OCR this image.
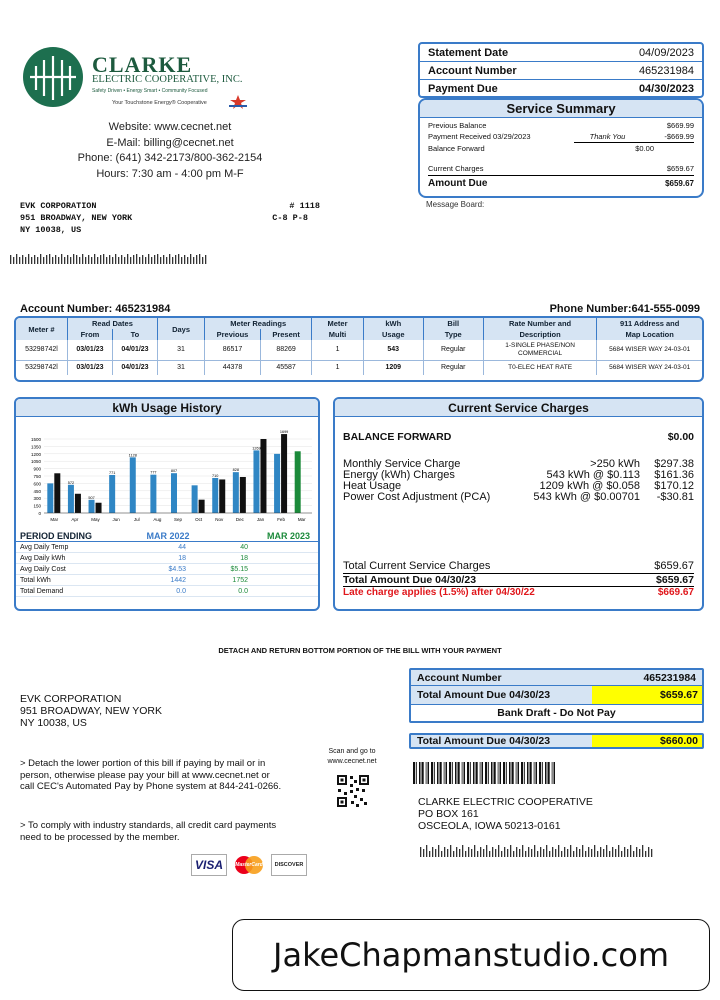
CLARKE
ELECTRIC COOPERATIVE, INC.
Safety Driven • Energy Smart • Community Focused
Your Touchstone Energy® Cooperative
Website: www.cecnet.net
E-Mail: billing@cecnet.net
Phone: (641) 342-2173/800-362-2154
Hours: 7:30 am - 4:00 pm M-F
EVK CORPORATION	# 1118
951 BROADWAY, NEW YORK	C-8 P-8
NY 10038, US
Statement Date	04/09/2023
Account Number	465231984
Payment Due	04/30/2023
Service Summary
Previous Balance	$669.99
Payment Received 03/29/2023	Thank You	-$669.99
Balance Forward	$0.00
Current Charges	$659.67
Amount Due	$659.67
Message Board:
Account Number: 465231984	Phone Number:641-555-0099
Meter #	Read Dates		Days	Meter Readings		Meter	kWh	Bill	Rate Number and	911 Address and
	From	To		Previous	Present	Multi	Usage	Type	Description	Map Location
53298742l	03/01/23	04/01/23	31	86517	88269	1	543	Regular	1-SINGLE PHASE/NON COMMERCIAL	5684 WISER WAY 24-03-01
53298742l	03/01/23	04/01/23	31	44378	45587	1	1209	Regular	T0-ELEC HEAT RATE	5684 WISER WAY 24-03-01
kWh Usage History
0
150
300
450
600
750
900
1050
1200
1350
1500
Mar	Apr
572
May
507
Jun
771
Jul
1128
Aug
777
Sep
807
Oct	Nov
710
Dec
828
Jan
1269
Feb
1699
Mar
PERIOD ENDING	MAR 2022	MAR 2023
Avg Daily Temp	44	40
Avg Daily kWh	18	18
Avg Daily Cost	$4.53	$5.15
Total kWh	1442	1752
Total Demand	0.0	0.0
Current Service Charges
BALANCE FORWARD	$0.00
Monthly Service Charge	>250 kWh	$297.38
Energy (kWh) Charges	543 kWh @ $0.113	$161.36
Heat Usage	1209 kWh @ $0.058	$170.12
Power Cost Adjustment (PCA)	543 kWh @ $0.00701	-$30.81
Total Current Service Charges	$659.67
Total Amount Due 04/30/23	$659.67
Late charge applies (1.5%) after 04/30/22	$669.67
DETACH AND RETURN BOTTOM PORTION OF THE BILL WITH YOUR PAYMENT
EVK CORPORATION
951 BROADWAY, NEW YORK
NY 10038, US
> Detach the lower portion of this bill if paying by mail or in person, otherwise please pay your bill at www.cecnet.net or call CEC's Automated Pay by Phone system at 844-241-0266.
> To comply with industry standards, all credit card payments need to be processed by the member.
Scan and go to www.cecnet.net
VISA	MasterCard DISCOVER
Account Number	465231984
Total Amount Due 04/30/23	$659.67
Bank Draft - Do Not Pay
Total Amount Due 04/30/23	$660.00
CLARKE ELECTRIC COOPERATIVE
PO BOX 161
OSCEOLA, IOWA 50213-0161
JakeChapmanstudio.com
